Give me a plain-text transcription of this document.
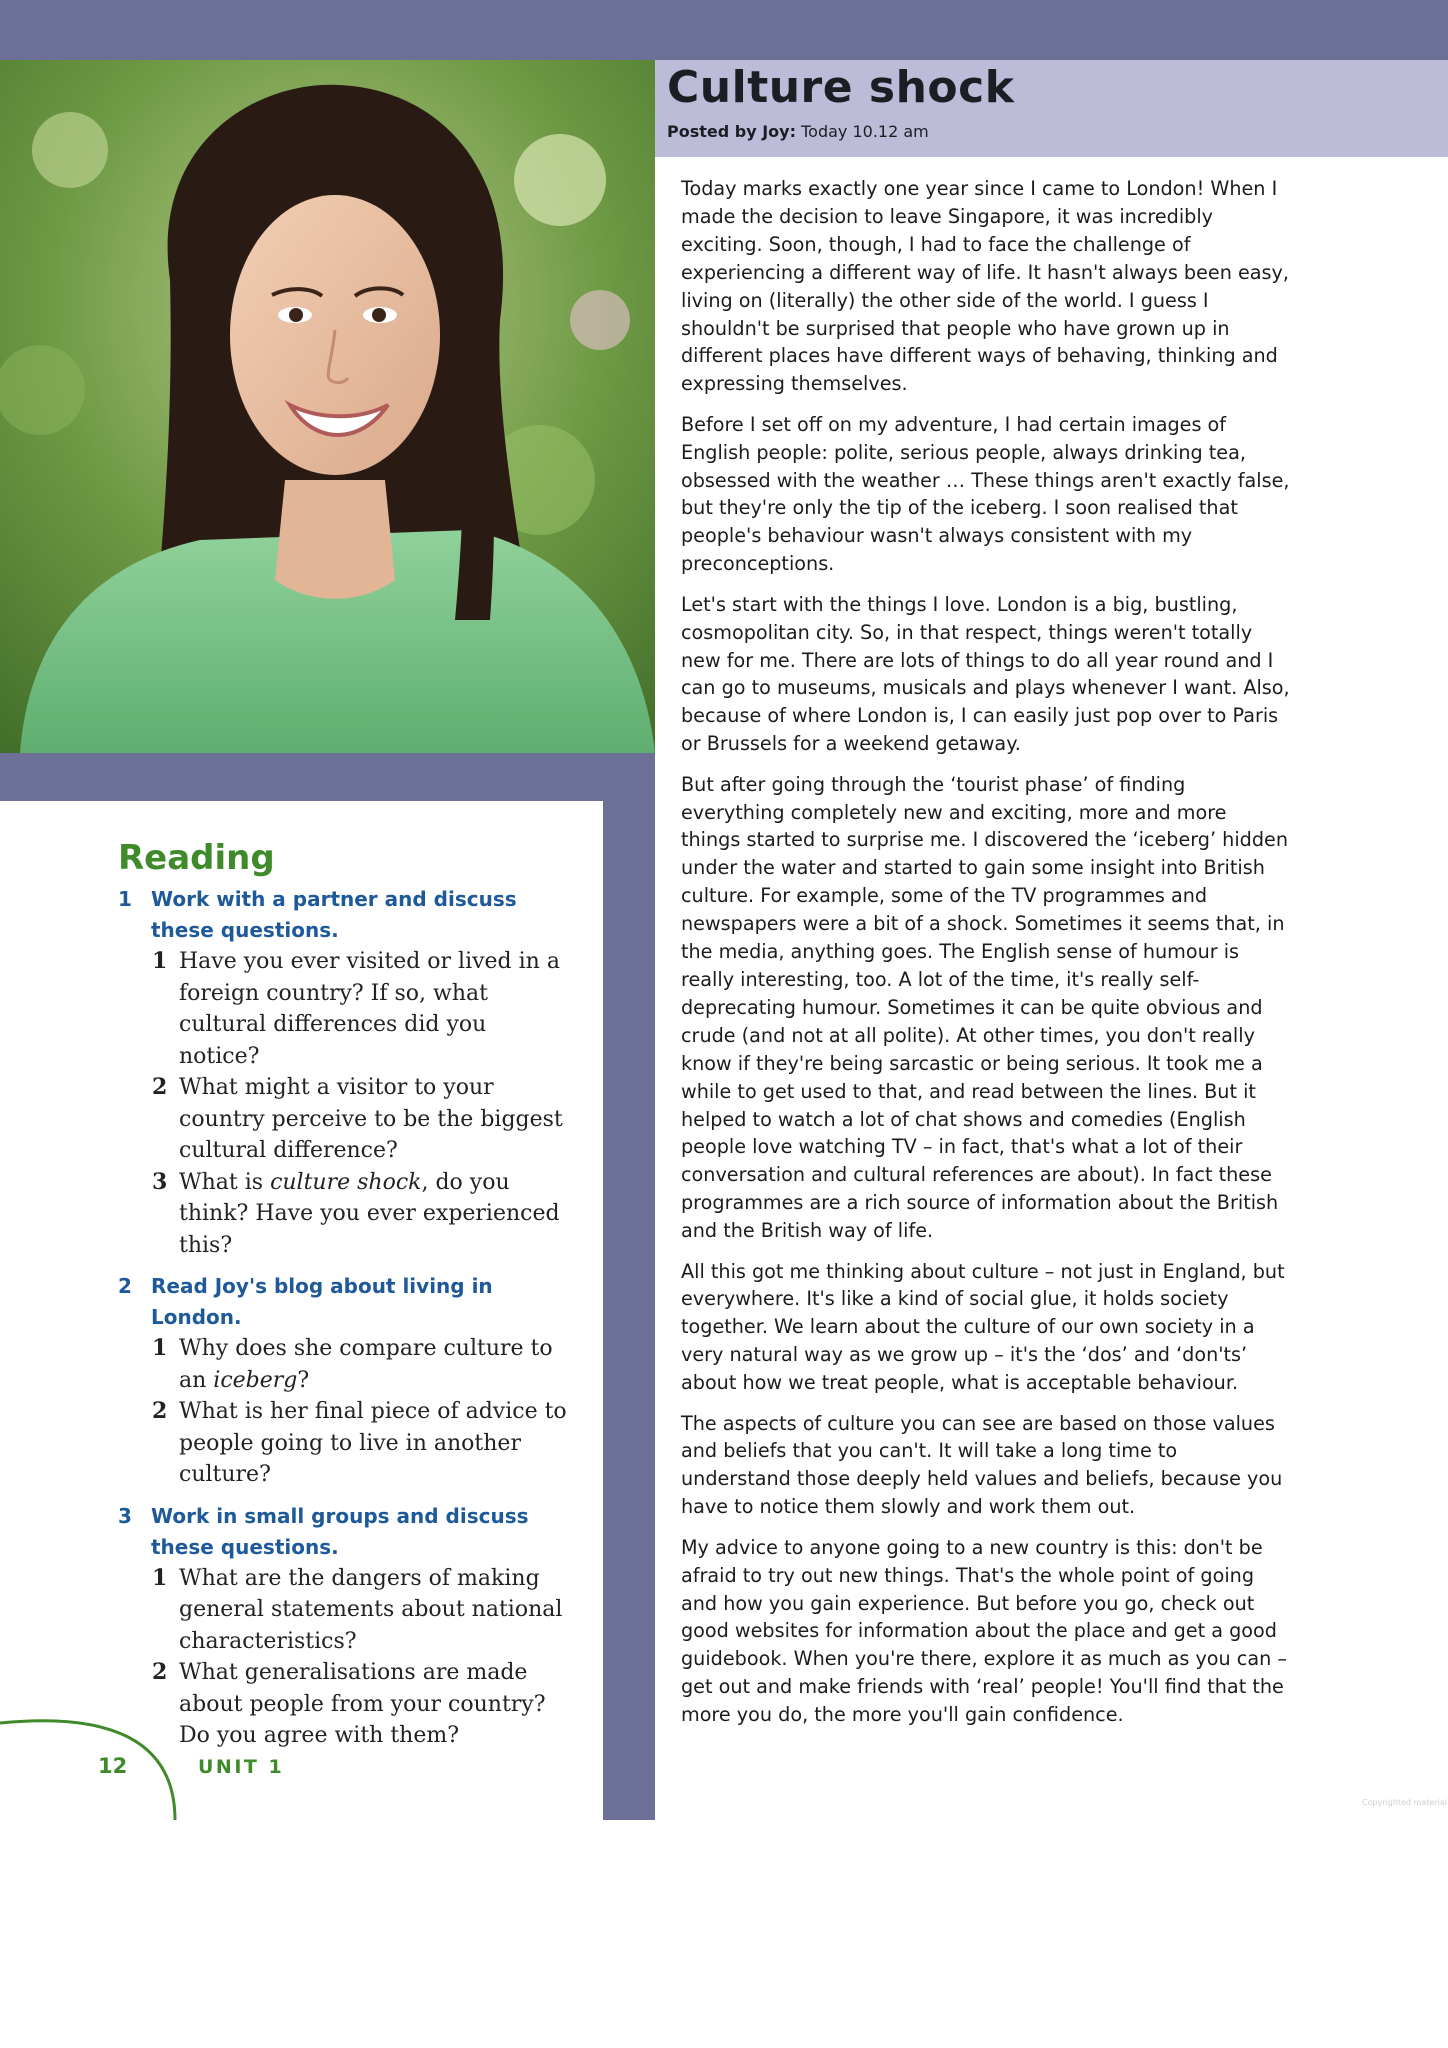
Culture shock
Posted by Joy: Today 10.12 am

Today marks exactly one year since I came to London! When I made the decision to leave Singapore, it was incredibly exciting. Soon, though, I had to face the challenge of experiencing a different way of life. It hasn't always been easy, living on (literally) the other side of the world. I guess I shouldn't be surprised that people who have grown up in different places have different ways of behaving, thinking and expressing themselves.

Before I set off on my adventure, I had certain images of English people: polite, serious people, always drinking tea, obsessed with the weather … These things aren't exactly false, but they're only the tip of the iceberg. I soon realised that people's behaviour wasn't always consistent with my preconceptions.

Let's start with the things I love. London is a big, bustling, cosmopolitan city. So, in that respect, things weren't totally new for me. There are lots of things to do all year round and I can go to museums, musicals and plays whenever I want. Also, because of where London is, I can easily just pop over to Paris or Brussels for a weekend getaway.

But after going through the ‘tourist phase’ of finding everything completely new and exciting, more and more things started to surprise me. I discovered the ‘iceberg’ hidden under the water and started to gain some insight into British culture. For example, some of the TV programmes and newspapers were a bit of a shock. Sometimes it seems that, in the media, anything goes. The English sense of humour is really interesting, too. A lot of the time, it's really self-deprecating humour. Sometimes it can be quite obvious and crude (and not at all polite). At other times, you don't really know if they're being sarcastic or being serious. It took me a while to get used to that, and read between the lines. But it helped to watch a lot of chat shows and comedies (English people love watching TV – in fact, that's what a lot of their conversation and cultural references are about). In fact these programmes are a rich source of information about the British and the British way of life.

All this got me thinking about culture – not just in England, but everywhere. It's like a kind of social glue, it holds society together. We learn about the culture of our own society in a very natural way as we grow up – it's the ‘dos’ and ‘don'ts’ about how we treat people, what is acceptable behaviour.

The aspects of culture you can see are based on those values and beliefs that you can't. It will take a long time to understand those deeply held values and beliefs, because you have to notice them slowly and work them out.

My advice to anyone going to a new country is this: don't be afraid to try out new things. That's the whole point of going and how you gain experience. But before you go, check out good websites for information about the place and get a good guidebook. When you're there, explore it as much as you can – get out and make friends with ‘real’ people! You'll find that the more you do, the more you'll gain confidence.

Reading
1 Work with a partner and discuss these questions.
1 Have you ever visited or lived in a foreign country? If so, what cultural differences did you notice?
2 What might a visitor to your country perceive to be the biggest cultural difference?
3 What is culture shock, do you think? Have you ever experienced this?
2 Read Joy's blog about living in London.
1 Why does she compare culture to an iceberg?
2 What is her final piece of advice to people going to live in another culture?
3 Work in small groups and discuss these questions.
1 What are the dangers of making general statements about national characteristics?
2 What generalisations are made about people from your country? Do you agree with them?
12	UNIT 1
Copyrighted material
